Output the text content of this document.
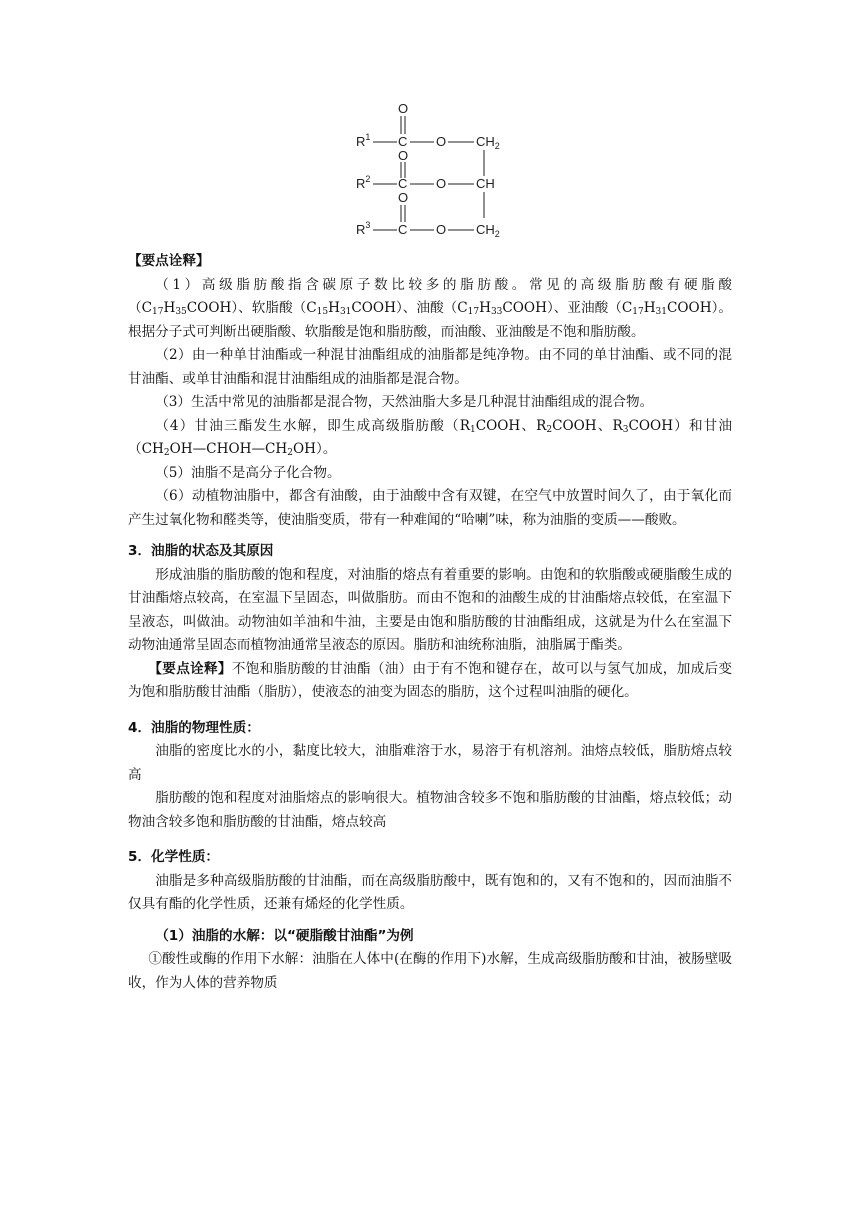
O
$R^1$ C O $CH_2$
O
$R^2$ C O CH
O
$R^3$ C O $CH_2$

【要点诠释】

（1）高级脂肪酸指含碳原子数比较多的脂肪酸。常见的高级脂肪酸有硬脂酸$(C_{17}H_{35}COOH)$、软脂酸$(C_{15}H_{31}COOH)$、油酸$(C_{17}H_{33}COOH)$、亚油酸$(C_{17}H_{31}COOH)$。根据分子式可判断出硬脂酸、软脂酸是饱和脂肪酸，而油酸、亚油酸是不饱和脂肪酸。

（2）由一种单甘油酯或一种混甘油酯组成的油脂都是纯净物。由不同的单甘油酯、或不同的混甘油酯、或单甘油酯和混甘油酯组成的油脂都是混合物。

（3）生活中常见的油脂都是混合物，天然油脂大多是几种混甘油酯组成的混合物。

（4）甘油三酯发生水解，即生成高级脂肪酸（$R_1COOH$、$R_2COOH$、$R_3COOH$）和甘油$(CH_2OH—CHOH—CH_2OH)$。

（5）油脂不是高分子化合物。

（6）动植物油脂中，都含有油酸，由于油酸中含有双键，在空气中放置时间久了，由于氧化而产生过氧化物和醛类等，使油脂变质，带有一种难闻的“哈喇”味，称为油脂的变质——酸败。

3．油脂的状态及其原因

形成油脂的脂肪酸的饱和程度，对油脂的熔点有着重要的影响。由饱和的软脂酸或硬脂酸生成的甘油酯熔点较高，在室温下呈固态，叫做脂肪。而由不饱和的油酸生成的甘油酯熔点较低，在室温下呈液态，叫做油。动物油如羊油和牛油，主要是由饱和脂肪酸的甘油酯组成，这就是为什么在室温下动物油通常呈固态而植物油通常呈液态的原因。脂肪和油统称油脂，油脂属于酯类。

【要点诠释】不饱和脂肪酸的甘油酯（油）由于有不饱和键存在，故可以与氢气加成，加成后变为饱和脂肪酸甘油酯（脂肪），使液态的油变为固态的脂肪，这个过程叫油脂的硬化。

4．油脂的物理性质：

油脂的密度比水的小，黏度比较大，油脂难溶于水，易溶于有机溶剂。油熔点较低，脂肪熔点较高

脂肪酸的饱和程度对油脂熔点的影响很大。植物油含较多不饱和脂肪酸的甘油酯，熔点较低；动物油含较多饱和脂肪酸的甘油酯，熔点较高

5．化学性质：

油脂是多种高级脂肪酸的甘油酯，而在高级脂肪酸中，既有饱和的，又有不饱和的，因而油脂不仅具有酯的化学性质，还兼有烯烃的化学性质。

（1）油脂的水解：以“硬脂酸甘油酯”为例

①酸性或酶的作用下水解：油脂在人体中(在酶的作用下)水解，生成高级脂肪酸和甘油，被肠壁吸收，作为人体的营养物质
